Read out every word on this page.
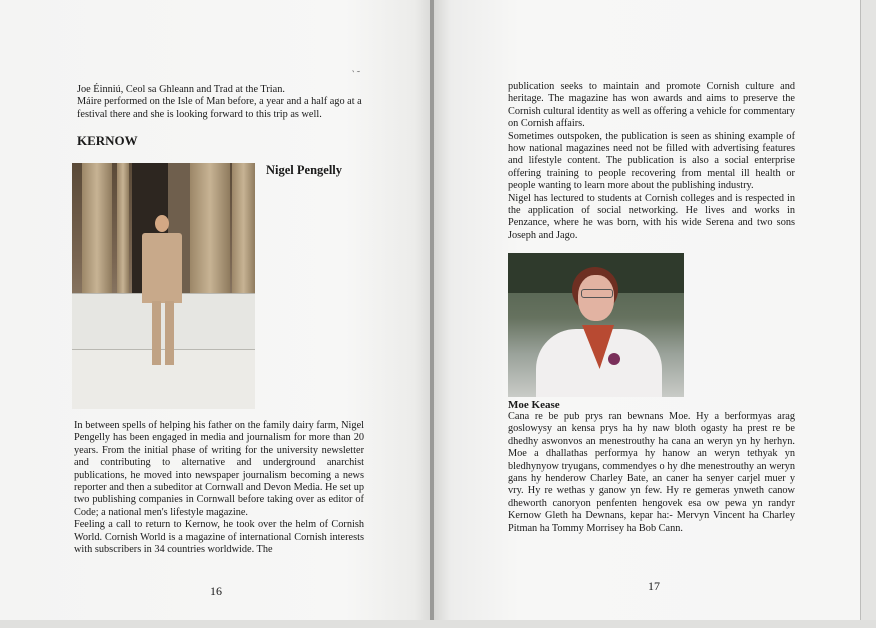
‵ ˜

Joe Éinniú, Ceol sa Ghleann and Trad at the Trian.

Máire performed on the Isle of Man before, a year and a half ago at a festival there and she is looking forward to this trip as well.

KERNOW
Nigel Pengelly

In between spells of helping his father on the family dairy farm, Nigel Pengelly has been engaged in media and journalism for more than 20 years. From the initial phase of writing for the university newsletter and contributing to alternative and underground anarchist publications, he moved into newspaper journalism becoming a news reporter and then a subeditor at Cornwall and Devon Media. He set up two publishing companies in Cornwall before taking over as editor of Code; a national men's lifestyle magazine.

Feeling a call to return to Kernow, he took over the helm of Cornish World. Cornish World is a magazine of international Cornish interests with subscribers in 34 countries worldwide. The

16

publication seeks to maintain and promote Cornish culture and heritage. The magazine has won awards and aims to preserve the Cornish cultural identity as well as offering a vehicle for commentary on Cornish affairs.

Sometimes outspoken, the publication is seen as shining example of how national magazines need not be filled with advertising features and lifestyle content. The publication is also a social enterprise offering training to people recovering from mental ill health or people wanting to learn more about the publishing industry.

Nigel has lectured to students at Cornish colleges and is respected in the application of social networking. He lives and works in Penzance, where he was born, with his wide Serena and two sons Joseph and Jago.

17
Moe Kease

Cana re be pub prys ran bewnans Moe. Hy a berformyas arag goslowysy an kensa prys ha hy naw bloth ogasty ha prest re be dhedhy aswonvos an menestrouthy ha cana an weryn yn hy herhyn. Moe a dhallathas performya hy hanow an weryn tethyak yn bledhynyow tryugans, commendyes o hy dhe menestrouthy an weryn gans hy henderow Charley Bate, an caner ha senyer carjel muer y vry. Hy re wethas y ganow yn few. Hy re gemeras ynweth canow dheworth canoryon penfenten hengovek esa ow pewa yn randyr Kernow Gleth ha Dewnans, kepar ha:- Mervyn Vincent ha Charley Pitman ha Tommy Morrisey ha Bob Cann.
